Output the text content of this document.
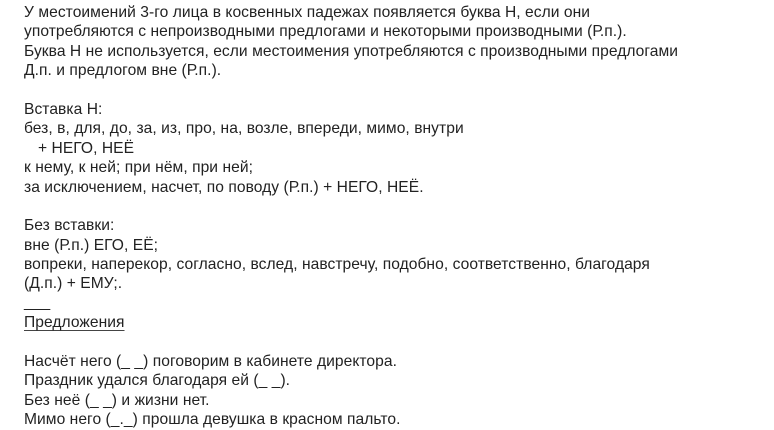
У местоимений 3-го лица в косвенных падежах появляется буква Н, если они
употребляются с непроизводными предлогами и некоторыми производными (Р.п.).
Буква Н не используется, если местоимения употребляются с производными предлогами
Д.п. и предлогом вне (Р.п.).
Вставка Н:
без, в, для, до, за, из, про, на, возле, впереди, мимо, внутри
+ НЕГО, НЕЁ
к нему, к ней; при нём, при ней;
за исключением, насчет, по поводу (Р.п.) + НЕГО, НЕЁ.
Без вставки:
вне (Р.п.) ЕГО, ЕЁ;
вопреки, наперекор, согласно, вслед, навстречу, подобно, соответственно, благодаря
(Д.п.) + ЕМУ;.
___
Предложения
Насчёт него (_ _) поговорим в кабинете директора.
Праздник удался благодаря ей (_ _).
Без неё (_ _) и жизни нет.
Мимо него (_._) прошла девушка в красном пальто.
